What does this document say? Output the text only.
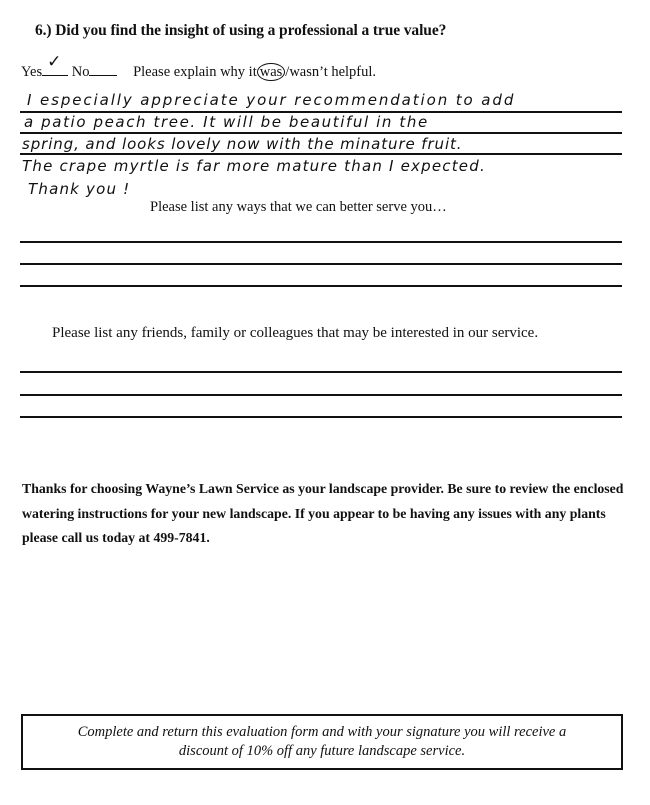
6.) Did you find the insight of using a professional a true value?
Yes ✓ No	Please explain why it was /wasn’t helpful.
I especially appreciate your recommendation to add
a patio peach tree. It will be beautiful in the
spring, and looks lovely now with the minature fruit.
The crape myrtle is far more mature than I expected.
Thank you !
Please list any ways that we can better serve you…
Please list any friends, family or colleagues that may be interested in our service.
Thanks for choosing Wayne’s Lawn Service as your landscape provider. Be sure to review the enclosed watering instructions for your new landscape. If you appear to be having any issues with any plants please call us today at 499-7841.
Complete and return this evaluation form and with your signature you will receive a
discount of 10% off any future landscape service.
